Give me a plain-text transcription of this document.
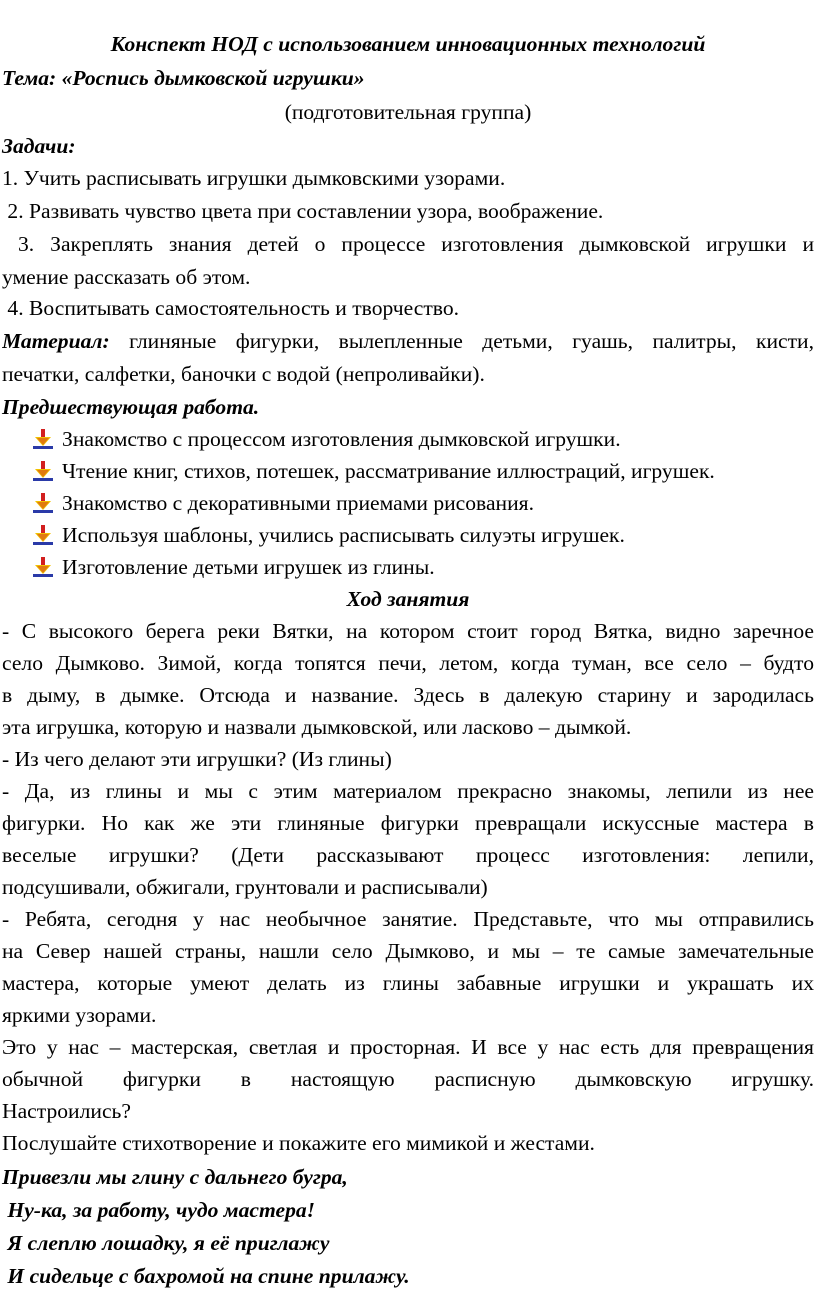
Конспект НОД с использованием инновационных технологий
Тема: «Роспись дымковской игрушки»
(подготовительная группа)
Задачи:
1. Учить расписывать игрушки дымковскими узорами.
2. Развивать чувство цвета при составлении узора, воображение.
3. Закреплять знания детей о процессе изготовления дымковской игрушки и
умение рассказать об этом.
4. Воспитывать самостоятельность и творчество.
Материал: глиняные фигурки, вылепленные детьми, гуашь, палитры, кисти,
печатки, салфетки, баночки с водой (непроливайки).
Предшествующая работа.
Знакомство с процессом изготовления дымковской игрушки.
Чтение книг, стихов, потешек, рассматривание иллюстраций, игрушек.
Знакомство с декоративными приемами рисования.
Используя шаблоны, учились расписывать силуэты игрушек.
Изготовление детьми игрушек из глины.
Ход занятия
- С высокого берега реки Вятки, на котором стоит город Вятка, видно заречное
село Дымково. Зимой, когда топятся печи, летом, когда туман, все село – будто
в дыму, в дымке. Отсюда и название. Здесь в далекую старину и зародилась
эта игрушка, которую и назвали дымковской, или ласково – дымкой.
- Из чего делают эти игрушки? (Из глины)
- Да, из глины и мы с этим материалом прекрасно знакомы, лепили из нее
фигурки. Но как же эти глиняные фигурки превращали искуссные мастера в
веселые игрушки? (Дети рассказывают процесс изготовления: лепили,
подсушивали, обжигали, грунтовали и расписывали)
- Ребята, сегодня у нас необычное занятие. Представьте, что мы отправились
на Север нашей страны, нашли село Дымково, и мы – те самые замечательные
мастера, которые умеют делать из глины забавные игрушки и украшать их
яркими узорами.
Это у нас – мастерская, светлая и просторная. И все у нас есть для превращения
обычной фигурки в настоящую расписную дымковскую игрушку.
Настроились?
Послушайте стихотворение и покажите его мимикой и жестами.
Привезли мы глину с дальнего бугра,
Ну-ка, за работу, чудо мастера!
Я слеплю лошадку, я её приглажу
И сидельце с бахромой на спине прилажу.
